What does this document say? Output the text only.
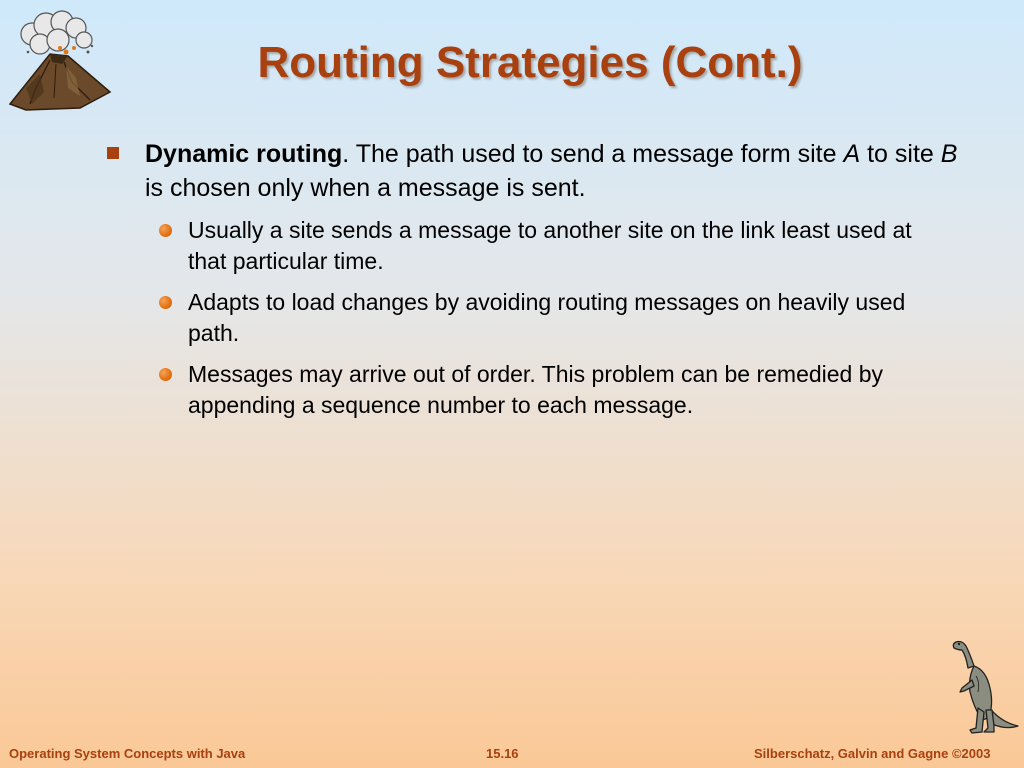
Routing Strategies (Cont.)
Dynamic routing. The path used to send a message form site A to site B is chosen only when a message is sent.
Usually a site sends a message to another site on the link least used at that particular time.
Adapts to load changes by avoiding routing messages on heavily used path.
Messages may arrive out of order. This problem can be remedied by appending a sequence number to each message.
Operating System Concepts with Java	15.16	Silberschatz, Galvin and Gagne ©2003
